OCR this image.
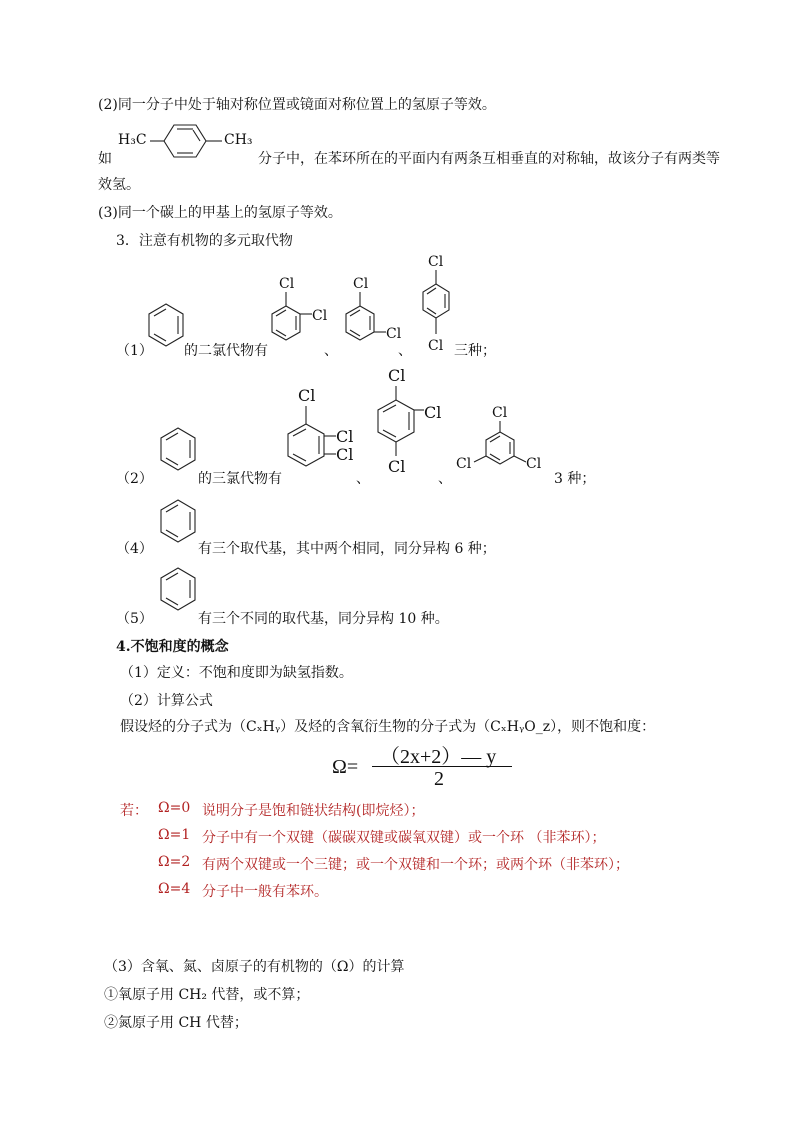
(2)同一分子中处于轴对称位置或镜面对称位置上的氢原子等效。
如
H₃C	CH₃
分子中，在苯环所在的平面内有两条互相垂直的对称轴，故该分子有两类等
效氢。
(3)同一个碳上的甲基上的氢原子等效。
3．注意有机物的多元取代物
（1） 的二氯代物有
Cl
Cl
、
Cl
Cl
、
Cl
Cl 三种；
（2）	的三氯代物有
Cl
Cl
Cl
、
Cl
Cl
Cl
、
Cl
Cl	Cl
3 种；
（4）	有三个取代基，其中两个相同，同分异构 6 种；
（5）	有三个不同的取代基，同分异构 10 种。
4.不饱和度的概念
（1）定义：不饱和度即为缺氢指数。
（2）计算公式
假设烃的分子式为（CₓHᵧ）及烃的含氧衍生物的分子式为（CₓHᵧO_z），则不饱和度：
Ω= （2x+2）— y
2
若： Ω=0 说明分子是饱和链状结构(即烷烃）；
Ω=1 分子中有一个双键（碳碳双键或碳氧双键）或一个环 （非苯环）；
Ω=2 有两个双键或一个三键；或一个双键和一个环；或两个环（非苯环）；
Ω=4 分子中一般有苯环。
（3）含氧、氮、卤原子的有机物的（Ω）的计算
①氧原子用 CH₂ 代替，或不算；
②氮原子用 CH 代替；
